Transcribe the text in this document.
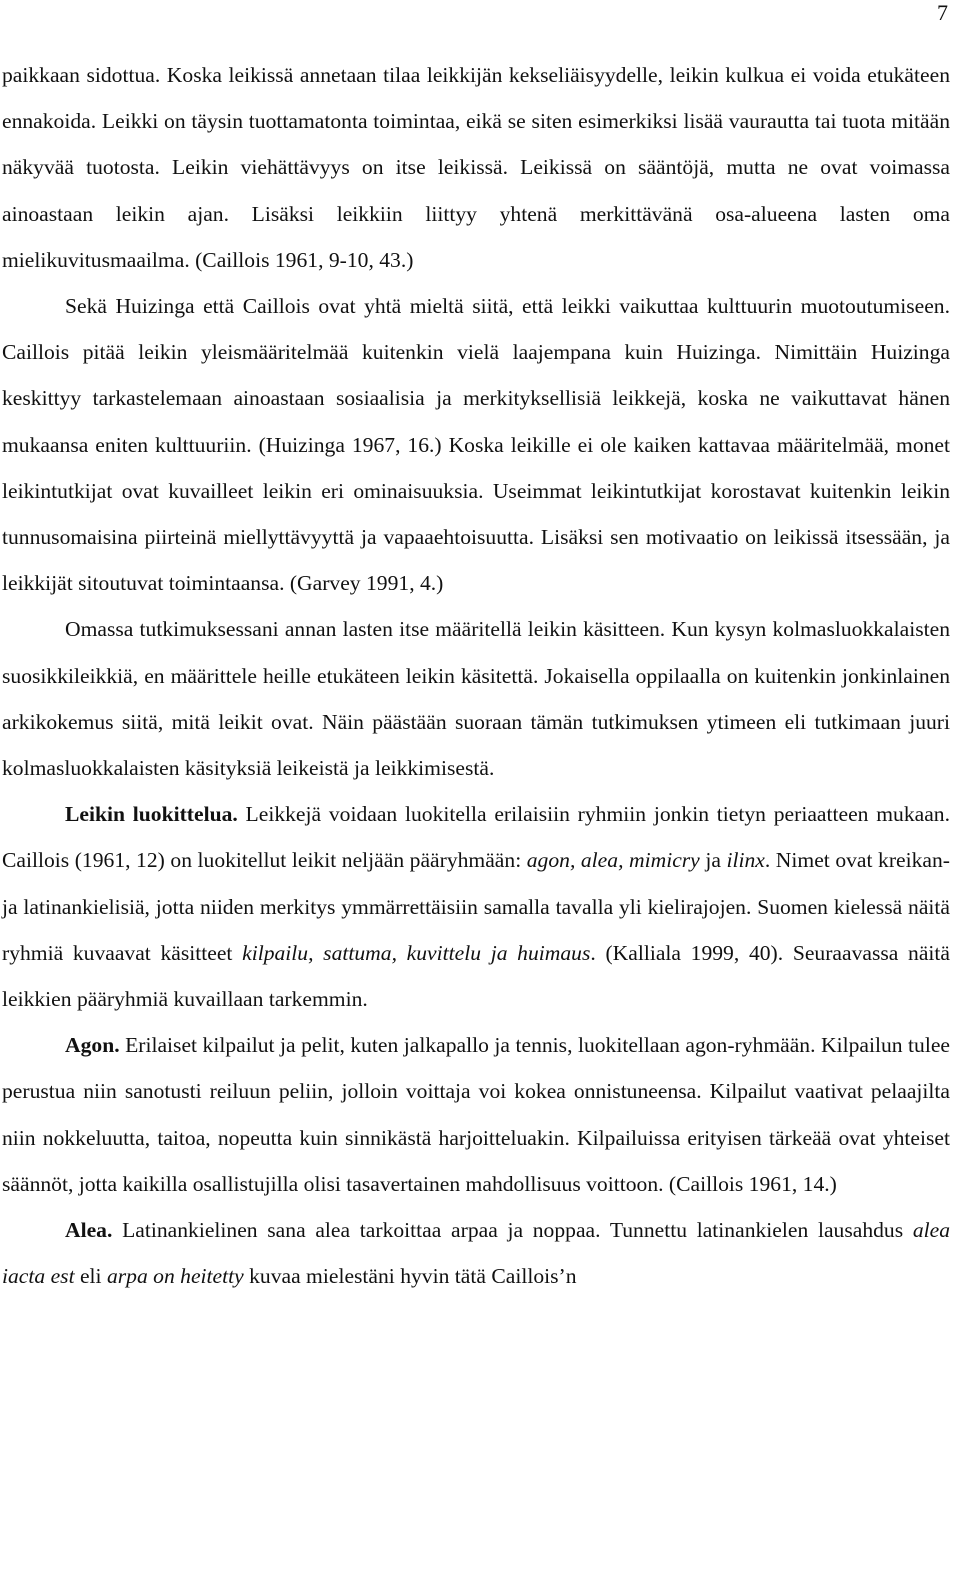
7

paikkaan sidottua. Koska leikissä annetaan tilaa leikkijän kekseliäisyydelle, leikin kulkua ei voida etukäteen ennakoida. Leikki on täysin tuottamatonta toimintaa, eikä se siten esimerkiksi lisää vaurautta tai tuota mitään näkyvää tuotosta. Leikin viehättävyys on itse leikissä. Leikissä on sääntöjä, mutta ne ovat voimassa ainoastaan leikin ajan. Lisäksi leikkiin liittyy yhtenä merkittävänä osa-alueena lasten oma mielikuvitusmaailma. (Caillois 1961, 9-10, 43.)

Sekä Huizinga että Caillois ovat yhtä mieltä siitä, että leikki vaikuttaa kulttuurin muotoutumiseen. Caillois pitää leikin yleismääritelmää kuitenkin vielä laajempana kuin Huizinga. Nimittäin Huizinga keskittyy tarkastelemaan ainoastaan sosiaalisia ja merkityksellisiä leikkejä, koska ne vaikuttavat hänen mukaansa eniten kulttuuriin. (Huizinga 1967, 16.) Koska leikille ei ole kaiken kattavaa määritelmää, monet leikintutkijat ovat kuvailleet leikin eri ominaisuuksia. Useimmat leikintutkijat korostavat kuitenkin leikin tunnusomaisina piirteinä miellyttävyyttä ja vapaaehtoisuutta. Lisäksi sen motivaatio on leikissä itsessään, ja leikkijät sitoutuvat toimintaansa. (Garvey 1991, 4.)

Omassa tutkimuksessani annan lasten itse määritellä leikin käsitteen. Kun kysyn kolmasluokkalaisten suosikkileikkiä, en määrittele heille etukäteen leikin käsitettä. Jokaisella oppilaalla on kuitenkin jonkinlainen arkikokemus siitä, mitä leikit ovat. Näin päästään suoraan tämän tutkimuksen ytimeen eli tutkimaan juuri kolmasluokkalaisten käsityksiä leikeistä ja leikkimisestä.

Leikin luokittelua. Leikkejä voidaan luokitella erilaisiin ryhmiin jonkin tietyn periaatteen mukaan. Caillois (1961, 12) on luokitellut leikit neljään pääryhmään: agon, alea, mimicry ja ilinx. Nimet ovat kreikan- ja latinankielisiä, jotta niiden merkitys ymmärrettäisiin samalla tavalla yli kielirajojen. Suomen kielessä näitä ryhmiä kuvaavat käsitteet kilpailu, sattuma, kuvittelu ja huimaus. (Kalliala 1999, 40). Seuraavassa näitä leikkien pääryhmiä kuvaillaan tarkemmin.

Agon. Erilaiset kilpailut ja pelit, kuten jalkapallo ja tennis, luokitellaan agon-ryhmään. Kilpailun tulee perustua niin sanotusti reiluun peliin, jolloin voittaja voi kokea onnistuneensa. Kilpailut vaativat pelaajilta niin nokkeluutta, taitoa, nopeutta kuin sinnikästä harjoitteluakin. Kilpailuissa erityisen tärkeää ovat yhteiset säännöt, jotta kaikilla osallistujilla olisi tasavertainen mahdollisuus voittoon. (Caillois 1961, 14.)

Alea. Latinankielinen sana alea tarkoittaa arpaa ja noppaa. Tunnettu latinankielen lausahdus alea iacta est eli arpa on heitetty kuvaa mielestäni hyvin tätä Caillois’n
